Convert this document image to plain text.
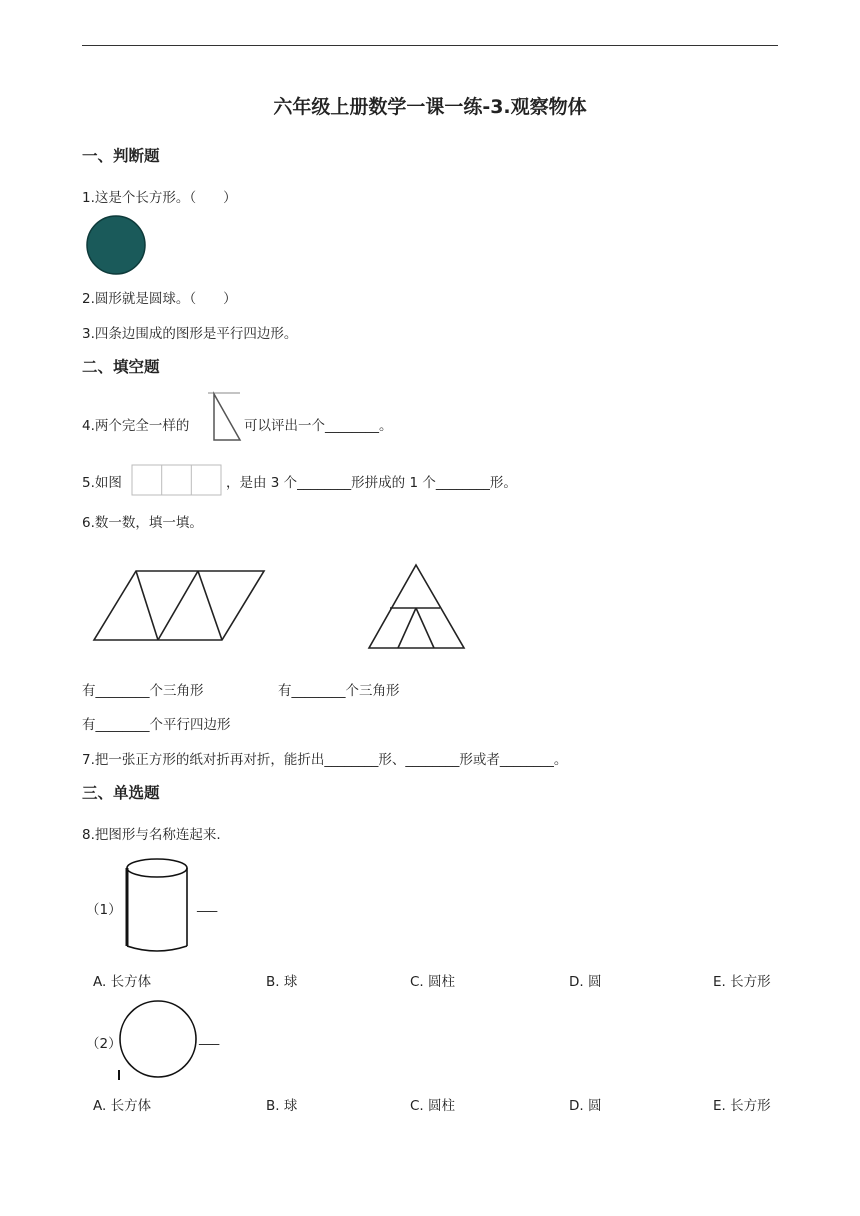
六年级上册数学一课一练-3.观察物体
一、判断题
1.这是个长方形。（　　）
2.圆形就是圆球。（　　）
3.四条边围成的图形是平行四边形。
二、填空题
4.两个完全一样的	可以评出一个________。
5.如图	，是由 3 个________形拼成的 1 个________形。
6.数一数，填一填。
有________个三角形	有________个三角形
有________个平行四边形
7.把一张正方形的纸对折再对折，能折出________形、________形或者________。
三、单选题
8.把图形与名称连起来.
（1）	___
A. 长方体	B. 球	C. 圆柱	D. 圆	E. 长方形
（2）	___
A. 长方体	B. 球	C. 圆柱	D. 圆	E. 长方形
